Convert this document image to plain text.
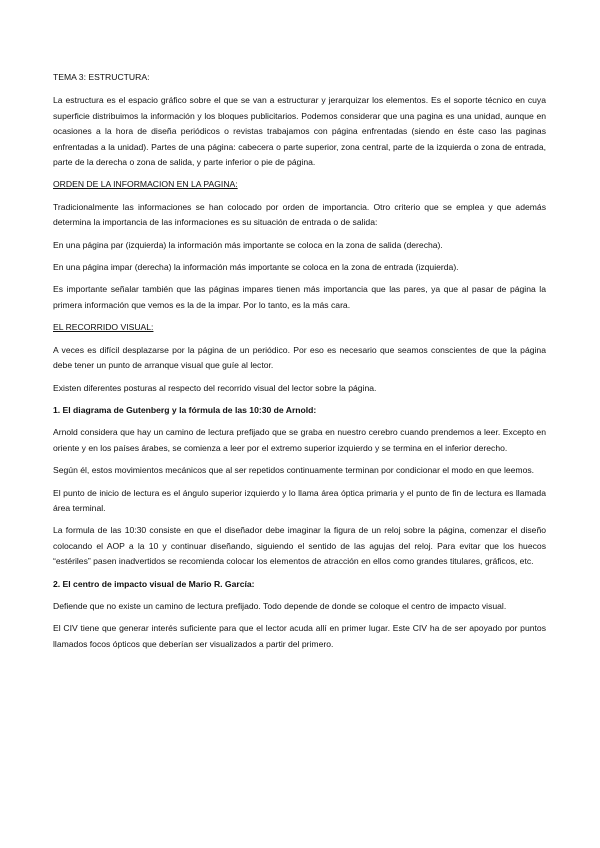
TEMA 3: ESTRUCTURA:

La estructura es el espacio gráfico sobre el que se van a estructurar y jerarquizar los elementos. Es el soporte técnico en cuya superficie distribuimos la información y los bloques publicitarios. Podemos considerar que una pagina es una unidad, aunque en ocasiones a la hora de diseña periódicos o revistas trabajamos con página enfrentadas (siendo en éste caso las paginas enfrentadas a la unidad). Partes de una página: cabecera o parte superior, zona central, parte de la izquierda o zona de entrada, parte de la derecha o zona de salida, y parte inferior o pie de página.

ORDEN DE LA INFORMACION EN LA PAGINA:

Tradicionalmente las informaciones se han colocado por orden de importancia. Otro criterio que se emplea y que además determina la importancia de las informaciones es su situación de entrada o de salida:

En una página par (izquierda) la información más importante se coloca en la zona de salida (derecha).

En una página impar (derecha) la información más importante se coloca en la zona de entrada (izquierda).

Es importante señalar también que las páginas impares tienen más importancia que las pares, ya que al pasar de página la primera información que vemos es la de la impar. Por lo tanto, es la más cara.

EL RECORRIDO VISUAL:

A veces es difícil desplazarse por la página de un periódico. Por eso es necesario que seamos conscientes de que la página debe tener un punto de arranque visual que guíe al lector.

Existen diferentes posturas al respecto del recorrido visual del lector sobre la página.

1. El diagrama de Gutenberg y la fórmula de las 10:30 de Arnold:

Arnold considera que hay un camino de lectura prefijado que se graba en nuestro cerebro cuando prendemos a leer. Excepto en oriente y en los países árabes, se comienza a leer por el extremo superior izquierdo y se termina en el inferior derecho.

Según él, estos movimientos mecánicos que al ser repetidos continuamente terminan por condicionar el modo en que leemos.

El punto de inicio de lectura es el ángulo superior izquierdo y lo llama área óptica primaria y el punto de fin de lectura es llamada área terminal.

La formula de las 10:30 consiste en que el diseñador debe imaginar la figura de un reloj sobre la página, comenzar el diseño colocando el AOP a la 10 y continuar diseñando, siguiendo el sentido de las agujas del reloj. Para evitar que los huecos “estériles” pasen inadvertidos se recomienda colocar los elementos de atracción en ellos como grandes titulares, gráficos, etc.

2. El centro de impacto visual de Mario R. García:

Defiende que no existe un camino de lectura prefijado. Todo depende de donde se coloque el centro de impacto visual.

El CIV tiene que generar interés suficiente para que el lector acuda allí en primer lugar. Este CIV ha de ser apoyado por puntos llamados focos ópticos que deberían ser visualizados a partir del primero.
